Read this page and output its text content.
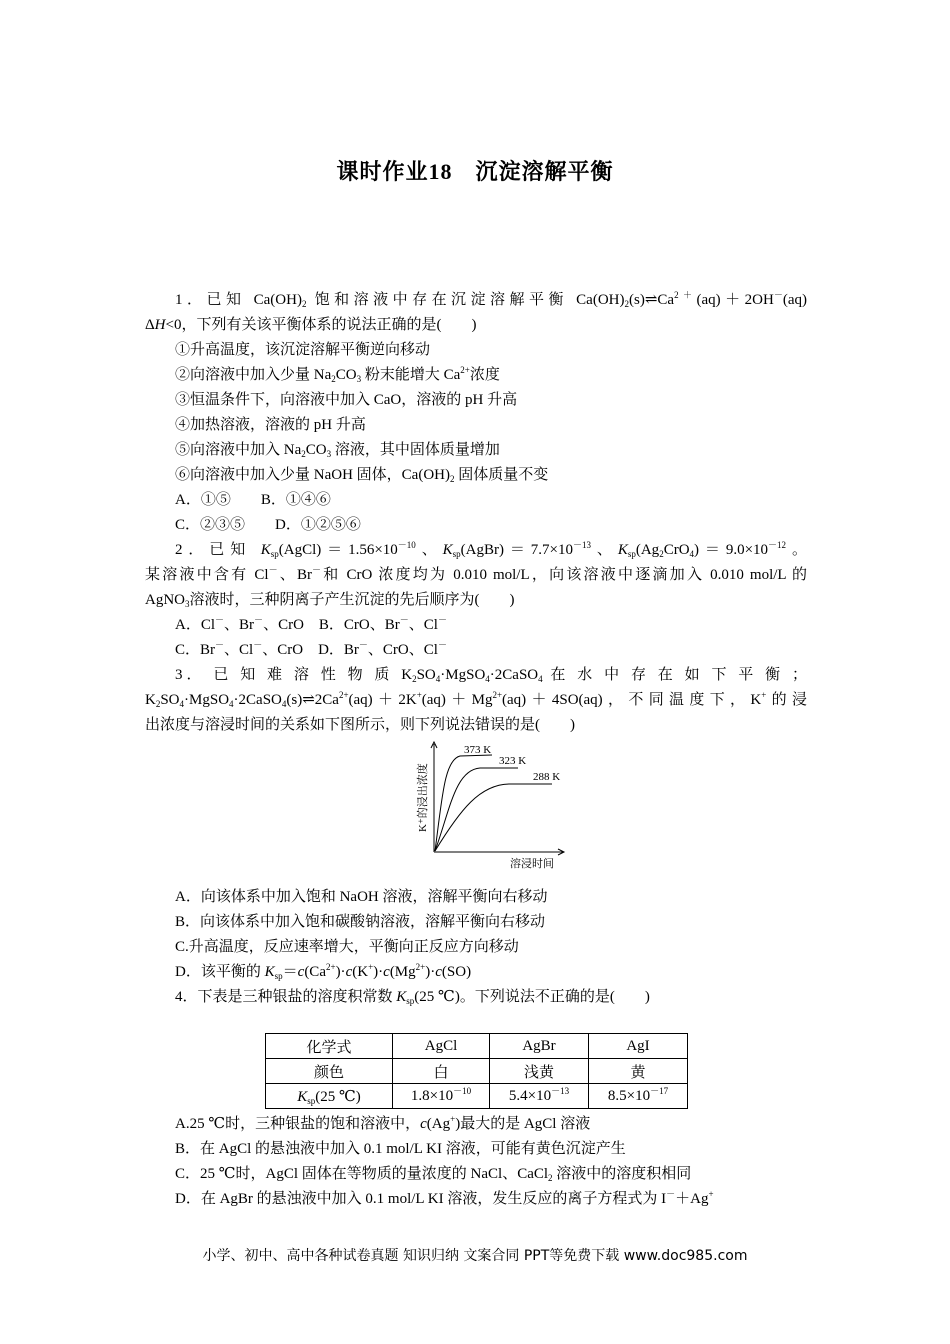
课时作业18　沉淀溶解平衡
1．已知 $Ca(OH)_2$ 饱和溶液中存在沉淀溶解平衡 $Ca(OH)_2(s)\rightleftharpoons Ca^{2+}(aq)+2OH^-(aq)$
ΔH<0，下列有关该平衡体系的说法正确的是(　　)
①升高温度，该沉淀溶解平衡逆向移动
②向溶液中加入少量 $Na_2CO_3$ 粉末能增大 $Ca^{2+}$浓度
③恒温条件下，向溶液中加入 CaO，溶液的 pH 升高
④加热溶液，溶液的 pH 升高
⑤向溶液中加入 $Na_2CO_3$ 溶液，其中固体质量增加
⑥向溶液中加入少量 NaOH 固体，$Ca(OH)_2$ 固体质量不变
A．①⑤　　B．①④⑥
C．②③⑤　　D．①②⑤⑥
2．已知 $K_{sp}(AgCl)=1.56\times 10^{-10}$、$K_{sp}(AgBr)=7.7\times 10^{-13}$、$K_{sp}(Ag_2CrO_4)=9.0\times 10^{-12}$。
某溶液中含有 Cl－、Br－和 CrO 浓度均为 0.010 mol/L，向该溶液中逐滴加入 0.010 mol/L 的
AgNO$_3$溶液时，三种阴离子产生沉淀的先后顺序为(　　)
A．Cl－、Br－、CrO　B．CrO、Br－、Cl－
C．Br－、Cl－、CrO　D．Br－、CrO、Cl－
3． 已 知 难 溶 性 物 质 $K_2SO_4\cdot MgSO_4\cdot 2CaSO_4$ 在 水 中 存 在 如 下 平 衡 ；
$K_2SO_4\cdot MgSO_4\cdot 2CaSO_4(s)\rightleftharpoons 2Ca^{2+}(aq)+2K^+(aq)+Mg^{2+}(aq)+4SO(aq)$，不同温度下，K+的浸
出浓度与溶浸时间的关系如下图所示，则下列说法错误的是(　　)
373 K
323 K
288 K
K⁺的浸出浓度
溶浸时间
A．向该体系中加入饱和 NaOH 溶液，溶解平衡向右移动
B．向该体系中加入饱和碳酸钠溶液，溶解平衡向右移动
C.升高温度，反应速率增大，平衡向正反应方向移动
D．该平衡的 $K_{sp}=c(Ca^{2+})\cdot c(K^+)\cdot c(Mg^{2+})\cdot c(SO)$
4．下表是三种银盐的溶度积常数 $K_{sp}(25$ ℃)。下列说法不正确的是(　　)
化学式	AgCl	AgBr	AgI
颜色	白	浅黄	黄
$K_{sp}(25$ ℃)	$1.8\times 10^{-10}$	$5.4\times 10^{-13}$	$8.5\times 10^{-17}$
A.25 ℃时，三种银盐的饱和溶液中，c(Ag+)最大的是 AgCl 溶液
B．在 AgCl 的悬浊液中加入 0.1 mol/L KI 溶液，可能有黄色沉淀产生
C．25 ℃时，AgCl 固体在等物质的量浓度的 NaCl、CaCl$_2$ 溶液中的溶度积相同
D．在 AgBr 的悬浊液中加入 0.1 mol/L KI 溶液，发生反应的离子方程式为 I－＋Ag+
小学、初中、高中各种试卷真题 知识归纳 文案合同 PPT等免费下载 www.doc985.com
